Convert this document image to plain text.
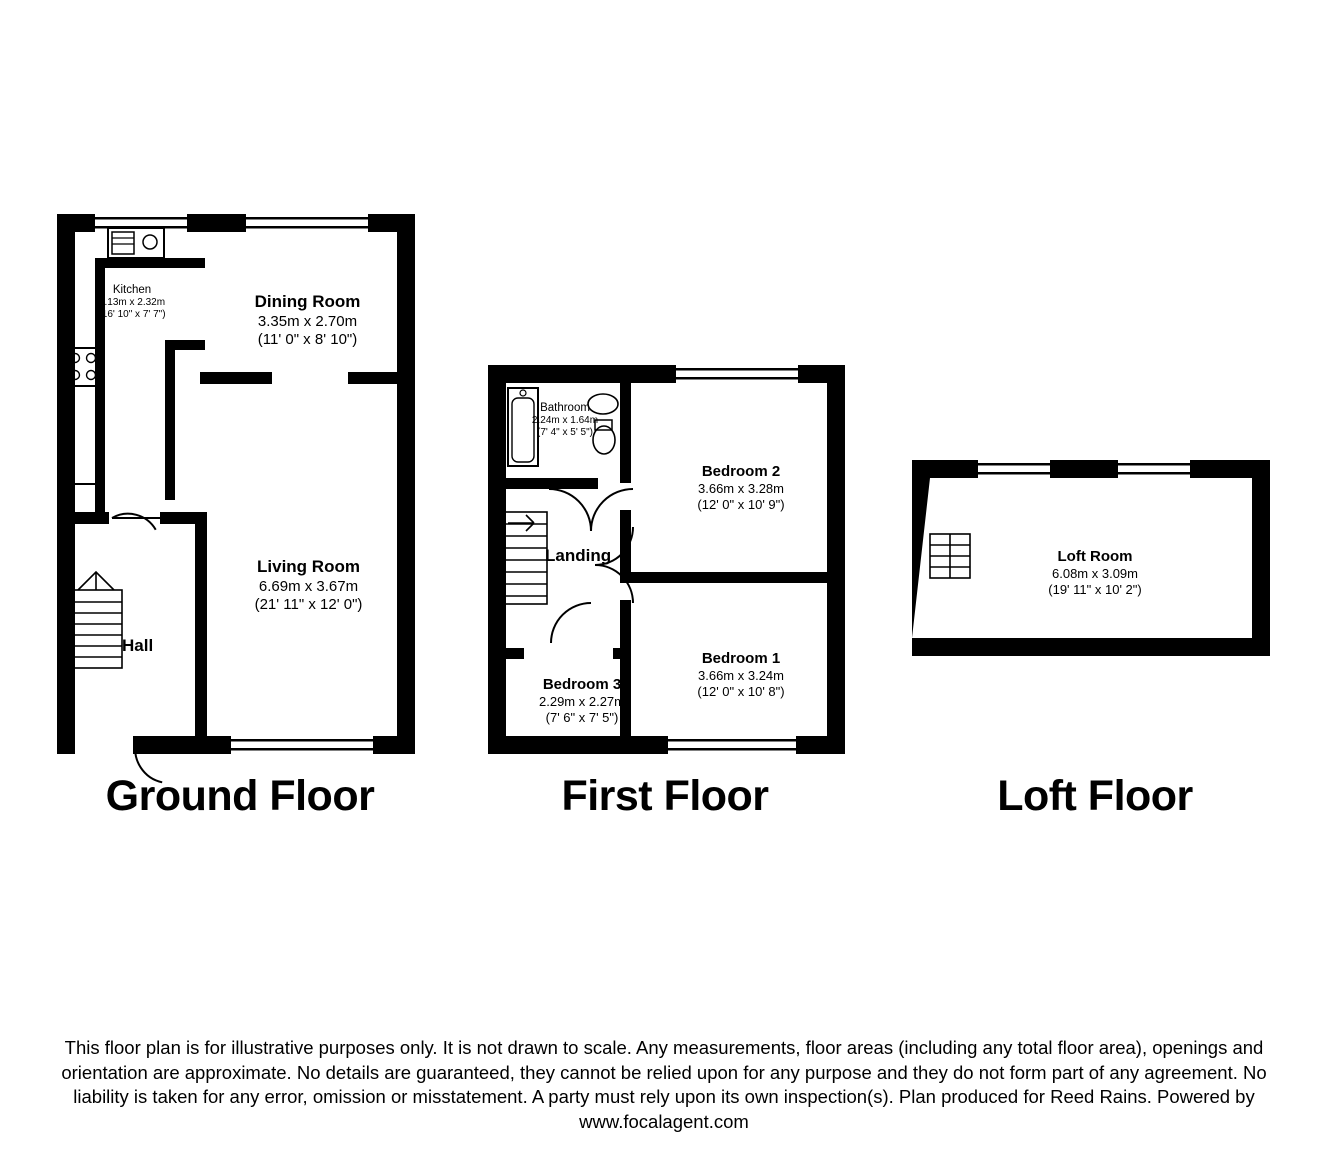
Kitchen
5.13m x 2.32m
(16' 10" x 7' 7")
Dining Room
3.35m x 2.70m
(11' 0" x 8' 10")
Living Room
6.69m x 3.67m
(21' 11" x 12' 0")
Hall
Bathroom
2.24m x 1.64m
(7' 4" x 5' 5")
Bedroom 2
3.66m x 3.28m
(12' 0" x 10' 9")
Landing
Bedroom 1
3.66m x 3.24m
(12' 0" x 10' 8")
Bedroom 3
2.29m x 2.27m
(7' 6" x 7' 5")
Loft Room
6.08m x 3.09m
(19' 11" x 10' 2")
Ground Floor	First Floor	Loft Floor
This floor plan is for illustrative purposes only. It is not drawn to scale. Any measurements, floor areas (including any total floor area), openings and orientation are approximate. No details are guaranteed, they cannot be relied upon for any purpose and they do not form part of any agreement. No liability is taken for any error, omission or misstatement. A party must rely upon its own inspection(s). Plan produced for Reed Rains. Powered by www.focalagent.com
